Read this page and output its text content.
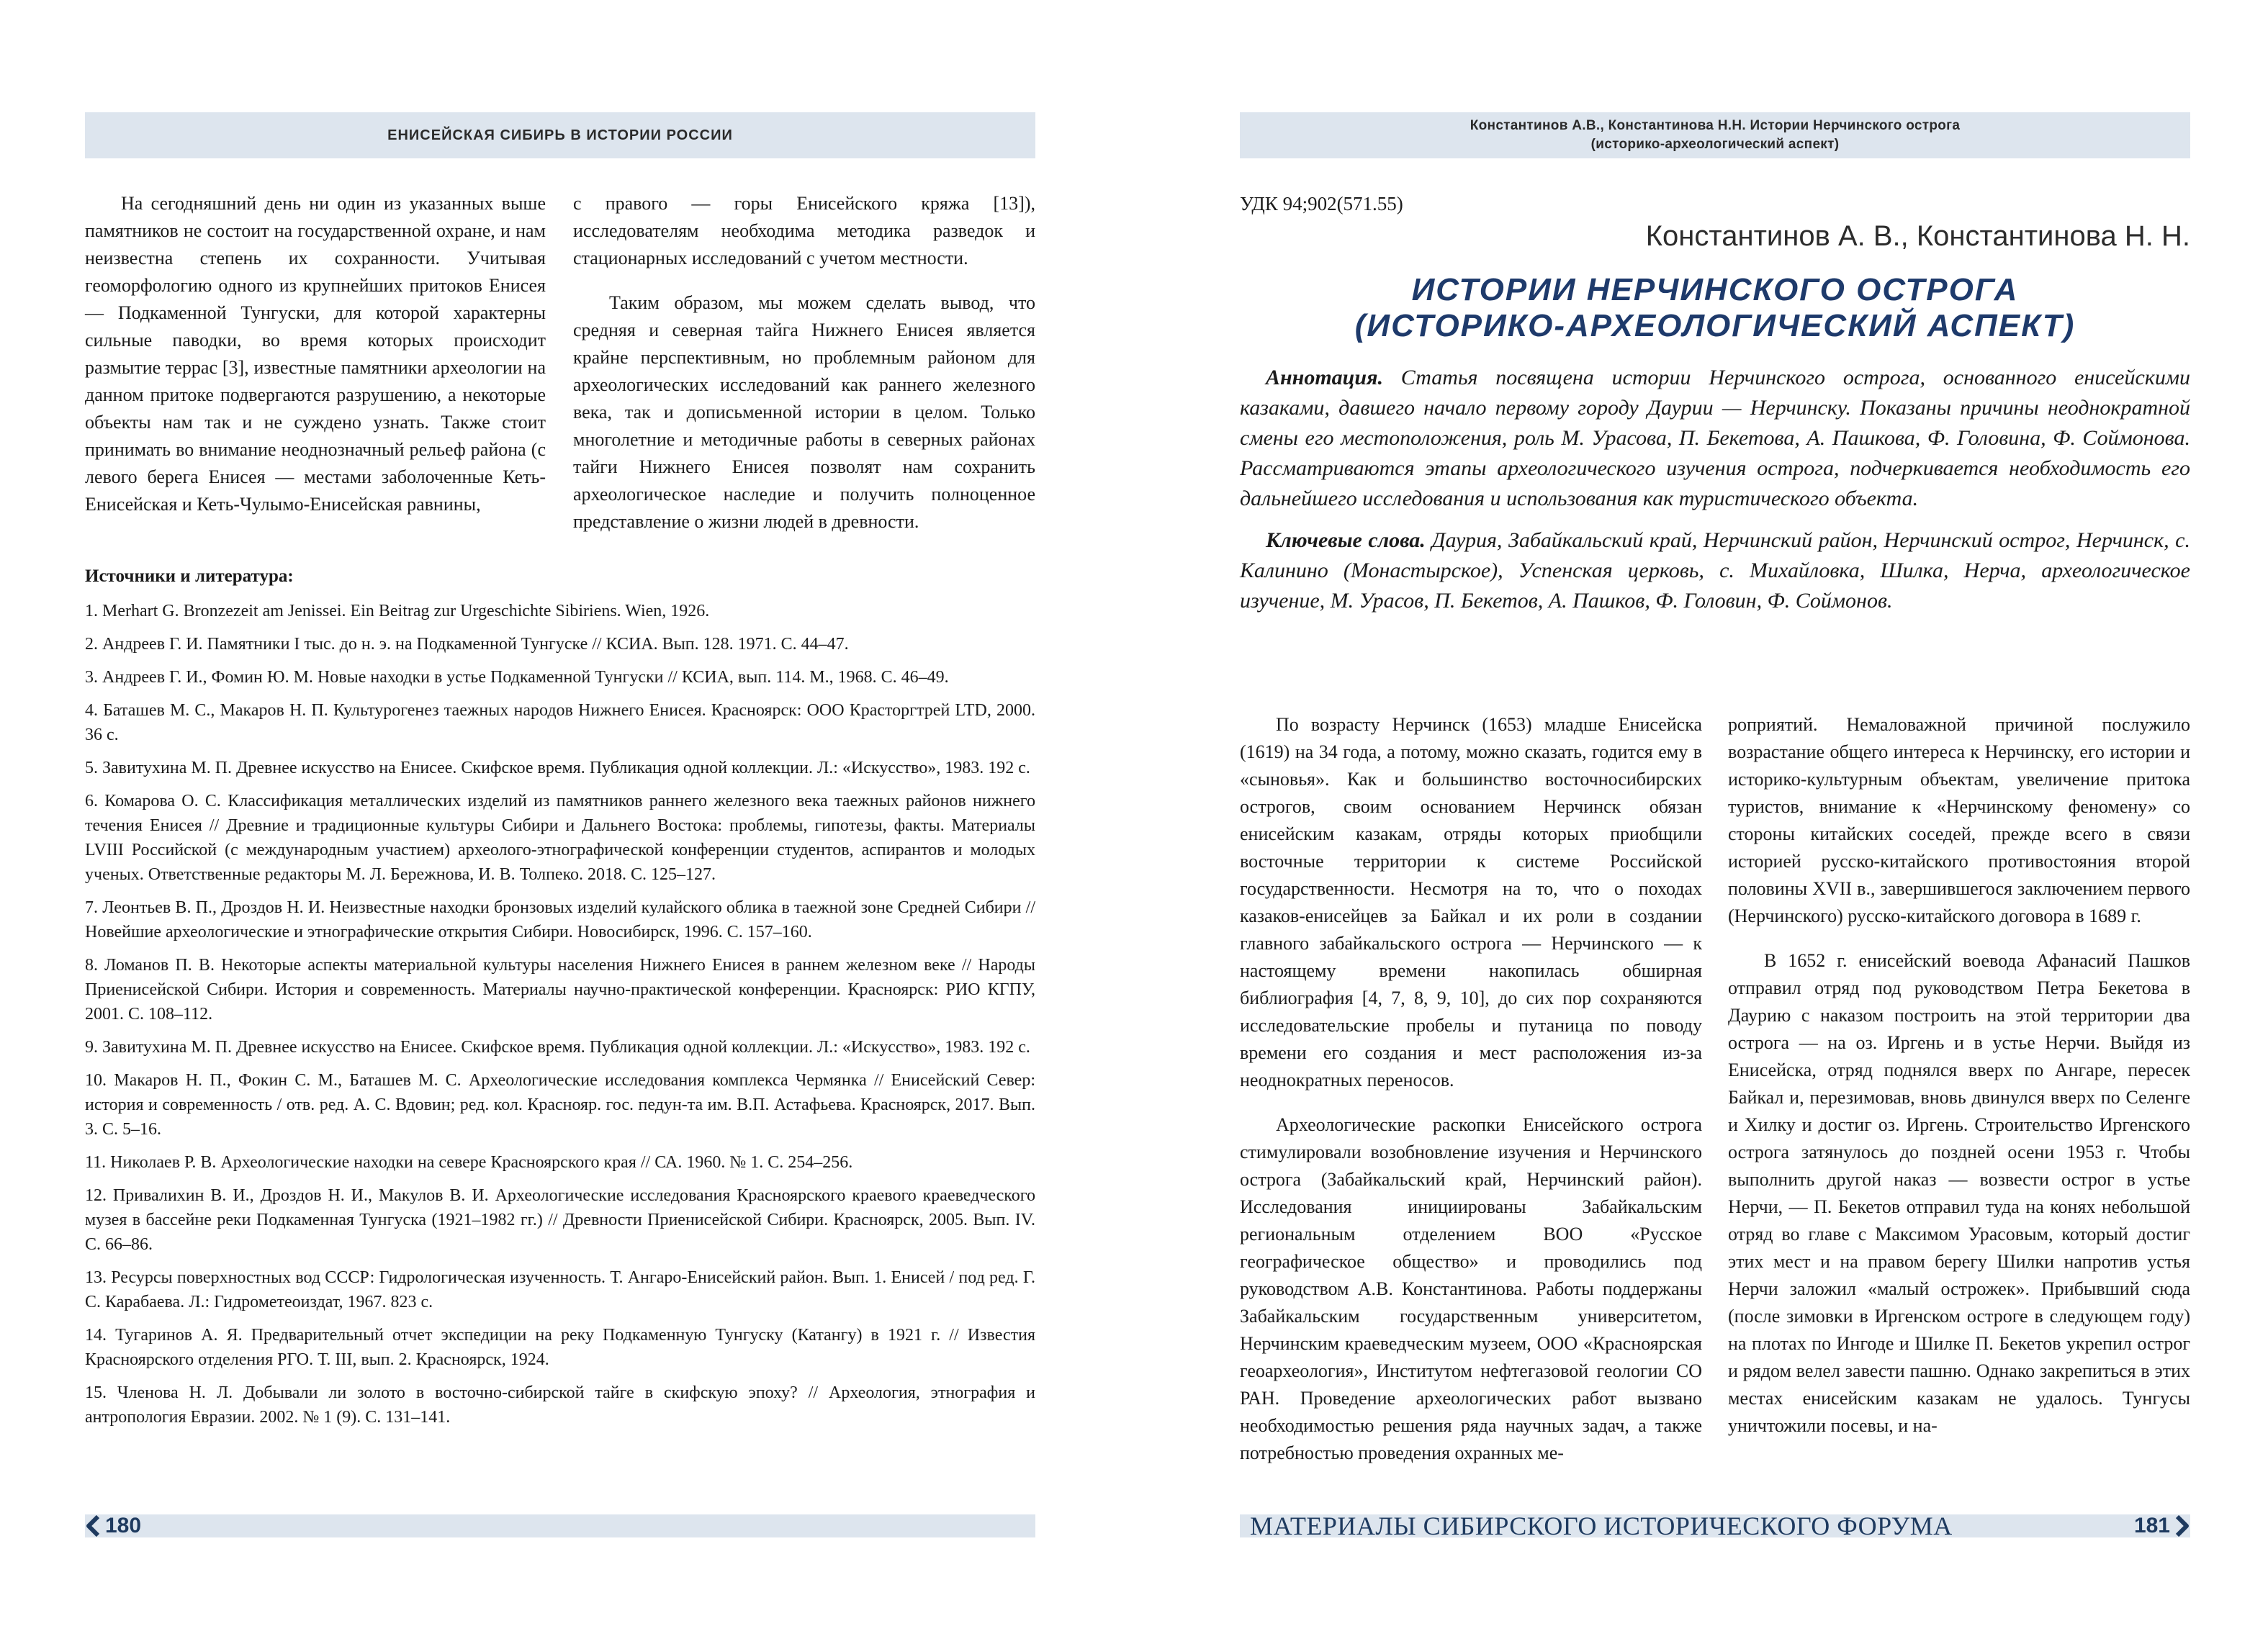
ЕНИСЕЙСКАЯ СИБИРЬ В ИСТОРИИ РОССИИ

На сегодняшний день ни один из указанных выше памятников не состоит на государственной охране, и нам неизвестна степень их сохранности. Учитывая геоморфологию одного из крупнейших притоков Енисея — Подкаменной Тунгуски, для которой характерны сильные паводки, во время которых происходит размытие террас [3], известные памятники археологии на данном притоке подвергаются разрушению, а некоторые объекты нам так и не суждено узнать. Также стоит принимать во внимание неоднозначный рельеф района (с левого берега Енисея — местами заболоченные Кеть-Енисейская и Кеть-Чулымо-Енисейская равнины,

с правого — горы Енисейского кряжа [13]), исследователям необходима методика разведок и стационарных исследований с учетом местности.

Таким образом, мы можем сделать вывод, что средняя и северная тайга Нижнего Енисея является крайне перспективным, но проблемным районом для археологических исследований как раннего железного века, так и дописьменной истории в целом. Только многолетние и методичные работы в северных районах тайги Нижнего Енисея позволят нам сохранить археологическое наследие и получить полноценное представление о жизни людей в древности.

Источники и литература:
1. Merhart G. Bronzezeit am Jenissei. Ein Beitrag zur Urgeschichte Sibiriens. Wien, 1926.
2. Андреев Г. И. Памятники I тыс. до н. э. на Подкаменной Тунгуске // КСИА. Вып. 128. 1971. С. 44–47.
3. Андреев Г. И., Фомин Ю. М. Новые находки в устье Подкаменной Тунгуски // КСИА, вып. 114. М., 1968. С. 46–49.
4. Баташев М. С., Макаров Н. П. Культурогенез таежных народов Нижнего Енисея. Красноярск: ООО Красторгтрей LTD, 2000. 36 с.
5. Завитухина М. П. Древнее искусство на Енисее. Скифское время. Публикация одной коллекции. Л.: «Искусство», 1983. 192 с.
6. Комарова О. С. Классификация металлических изделий из памятников раннего железного века таежных районов нижнего течения Енисея // Древние и традиционные культуры Сибири и Дальнего Востока: проблемы, гипотезы, факты. Материалы LVIII Российской (с международным участием) археолого-этнографической конференции студентов, аспирантов и молодых ученых. Ответственные редакторы М. Л. Бережнова, И. В. Толпеко. 2018. С. 125–127.
7. Леонтьев В. П., Дроздов Н. И. Неизвестные находки бронзовых изделий кулайского облика в таежной зоне Средней Сибири // Новейшие археологические и этнографические открытия Сибири. Новосибирск, 1996. С. 157–160.
8. Ломанов П. В. Некоторые аспекты материальной культуры населения Нижнего Енисея в раннем железном веке // Народы Приенисейской Сибири. История и современность. Материалы научно-практической конференции. Красноярск: РИО КГПУ, 2001. С. 108–112.
9. Завитухина М. П. Древнее искусство на Енисее. Скифское время. Публикация одной коллекции. Л.: «Искусство», 1983. 192 с.
10. Макаров Н. П., Фокин С. М., Баташев М. С. Археологические исследования комплекса Чермянка // Енисейский Север: история и современность / отв. ред. А. С. Вдовин; ред. кол. Краснояр. гос. педун-та им. В.П. Астафьева. Красноярск, 2017. Вып. 3. С. 5–16.
11. Николаев Р. В. Археологические находки на севере Красноярского края // СА. 1960. № 1. С. 254–256.
12. Привалихин В. И., Дроздов Н. И., Макулов В. И. Археологические исследования Красноярского краевого краеведческого музея в бассейне реки Подкаменная Тунгуска (1921–1982 гг.) // Древности Приенисейской Сибири. Красноярск, 2005. Вып. IV. С. 66–86.
13. Ресурсы поверхностных вод СССР: Гидрологическая изученность. Т. Ангаро-Енисейский район. Вып. 1. Енисей / под ред. Г. С. Карабаева. Л.: Гидрометеоиздат, 1967. 823 с.
14. Тугаринов А. Я. Предварительный отчет экспедиции на реку Подкаменную Тунгуску (Катангу) в 1921 г. // Известия Красноярского отделения РГО. Т. III, вып. 2. Красноярск, 1924.
15. Членова Н. Л. Добывали ли золото в восточно-сибирской тайге в скифскую эпоху? // Археология, этнография и антропология Евразии. 2002. № 1 (9). С. 131–141.
180
Константинов А.В., Константинова Н.Н. Истории Нерчинского острога
(историко-археологический аспект)
УДК 94;902(571.55)
Константинов А. В., Константинова Н. Н.
ИСТОРИИ НЕРЧИНСКОГО ОСТРОГА
(ИСТОРИКО-АРХЕОЛОГИЧЕСКИЙ АСПЕКТ)

Аннотация. Статья посвящена истории Нерчинского острога, основанного енисейскими казаками, давшего начало первому городу Даурии — Нерчинску. Показаны причины неоднократной смены его местоположения, роль М. Урасова, П. Бекетова, А. Пашкова, Ф. Головина, Ф. Соймонова. Рассматриваются этапы археологического изучения острога, подчеркивается необходимость его дальнейшего исследования и использования как туристического объекта.

Ключевые слова. Даурия, Забайкальский край, Нерчинский район, Нерчинский острог, Нерчинск, с. Калинино (Монастырское), Успенская церковь, с. Михайловка, Шилка, Нерча, археологическое изучение, М. Урасов, П. Бекетов, А. Пашков, Ф. Головин, Ф. Соймонов.

По возрасту Нерчинск (1653) младше Енисейска (1619) на 34 года, а потому, можно сказать, годится ему в «сыновья». Как и большинство восточносибирских острогов, своим основанием Нерчинск обязан енисейским казакам, отряды которых приобщили восточные территории к системе Российской государственности. Несмотря на то, что о походах казаков-енисейцев за Байкал и их роли в создании главного забайкальского острога — Нерчинского — к настоящему времени накопилась обширная библиография [4, 7, 8, 9, 10], до сих пор сохраняются исследовательские пробелы и путаница по поводу времени его создания и мест расположения из-за неоднократных переносов.

Археологические раскопки Енисейского острога стимулировали возобновление изучения и Нерчинского острога (Забайкальский край, Нерчинский район). Исследования инициированы Забайкальским региональным отделением ВОО «Русское географическое общество» и проводились под руководством А.В. Константинова. Работы поддержаны Забайкальским государственным университетом, Нерчинским краеведческим музеем, ООО «Красноярская геоархеология», Институтом нефтегазовой геологии СО РАН. Проведение археологических работ вызвано необходимостью решения ряда научных задач, а также потребностью проведения охранных ме-

роприятий. Немаловажной причиной послужило возрастание общего интереса к Нерчинску, его истории и историко-культурным объектам, увеличение притока туристов, внимание к «Нерчинскому феномену» со стороны китайских соседей, прежде всего в связи историей русско-китайского противостояния второй половины XVII в., завершившегося заключением первого (Нерчинского) русско-китайского договора в 1689 г.

В 1652 г. енисейский воевода Афанасий Пашков отправил отряд под руководством Петра Бекетова в Даурию с наказом построить на этой территории два острога — на оз. Иргень и в устье Нерчи. Выйдя из Енисейска, отряд поднялся вверх по Ангаре, пересек Байкал и, перезимовав, вновь двинулся вверх по Селенге и Хилку и достиг оз. Иргень. Строительство Иргенского острога затянулось до поздней осени 1953 г. Чтобы выполнить другой наказ — возвести острог в устье Нерчи, — П. Бекетов отправил туда на конях небольшой отряд во главе с Максимом Урасовым, который достиг этих мест и на правом берегу Шилки напротив устья Нерчи заложил «малый острожек». Прибывший сюда (после зимовки в Иргенском остроге в следующем году) на плотах по Ингоде и Шилке П. Бекетов укрепил острог и рядом велел завести пашню. Однако закрепиться в этих местах енисейским казакам не удалось. Тунгусы уничтожили посевы, и на-

МАТЕРИАЛЫ СИБИРСКОГО ИСТОРИЧЕСКОГО ФОРУМА	181
